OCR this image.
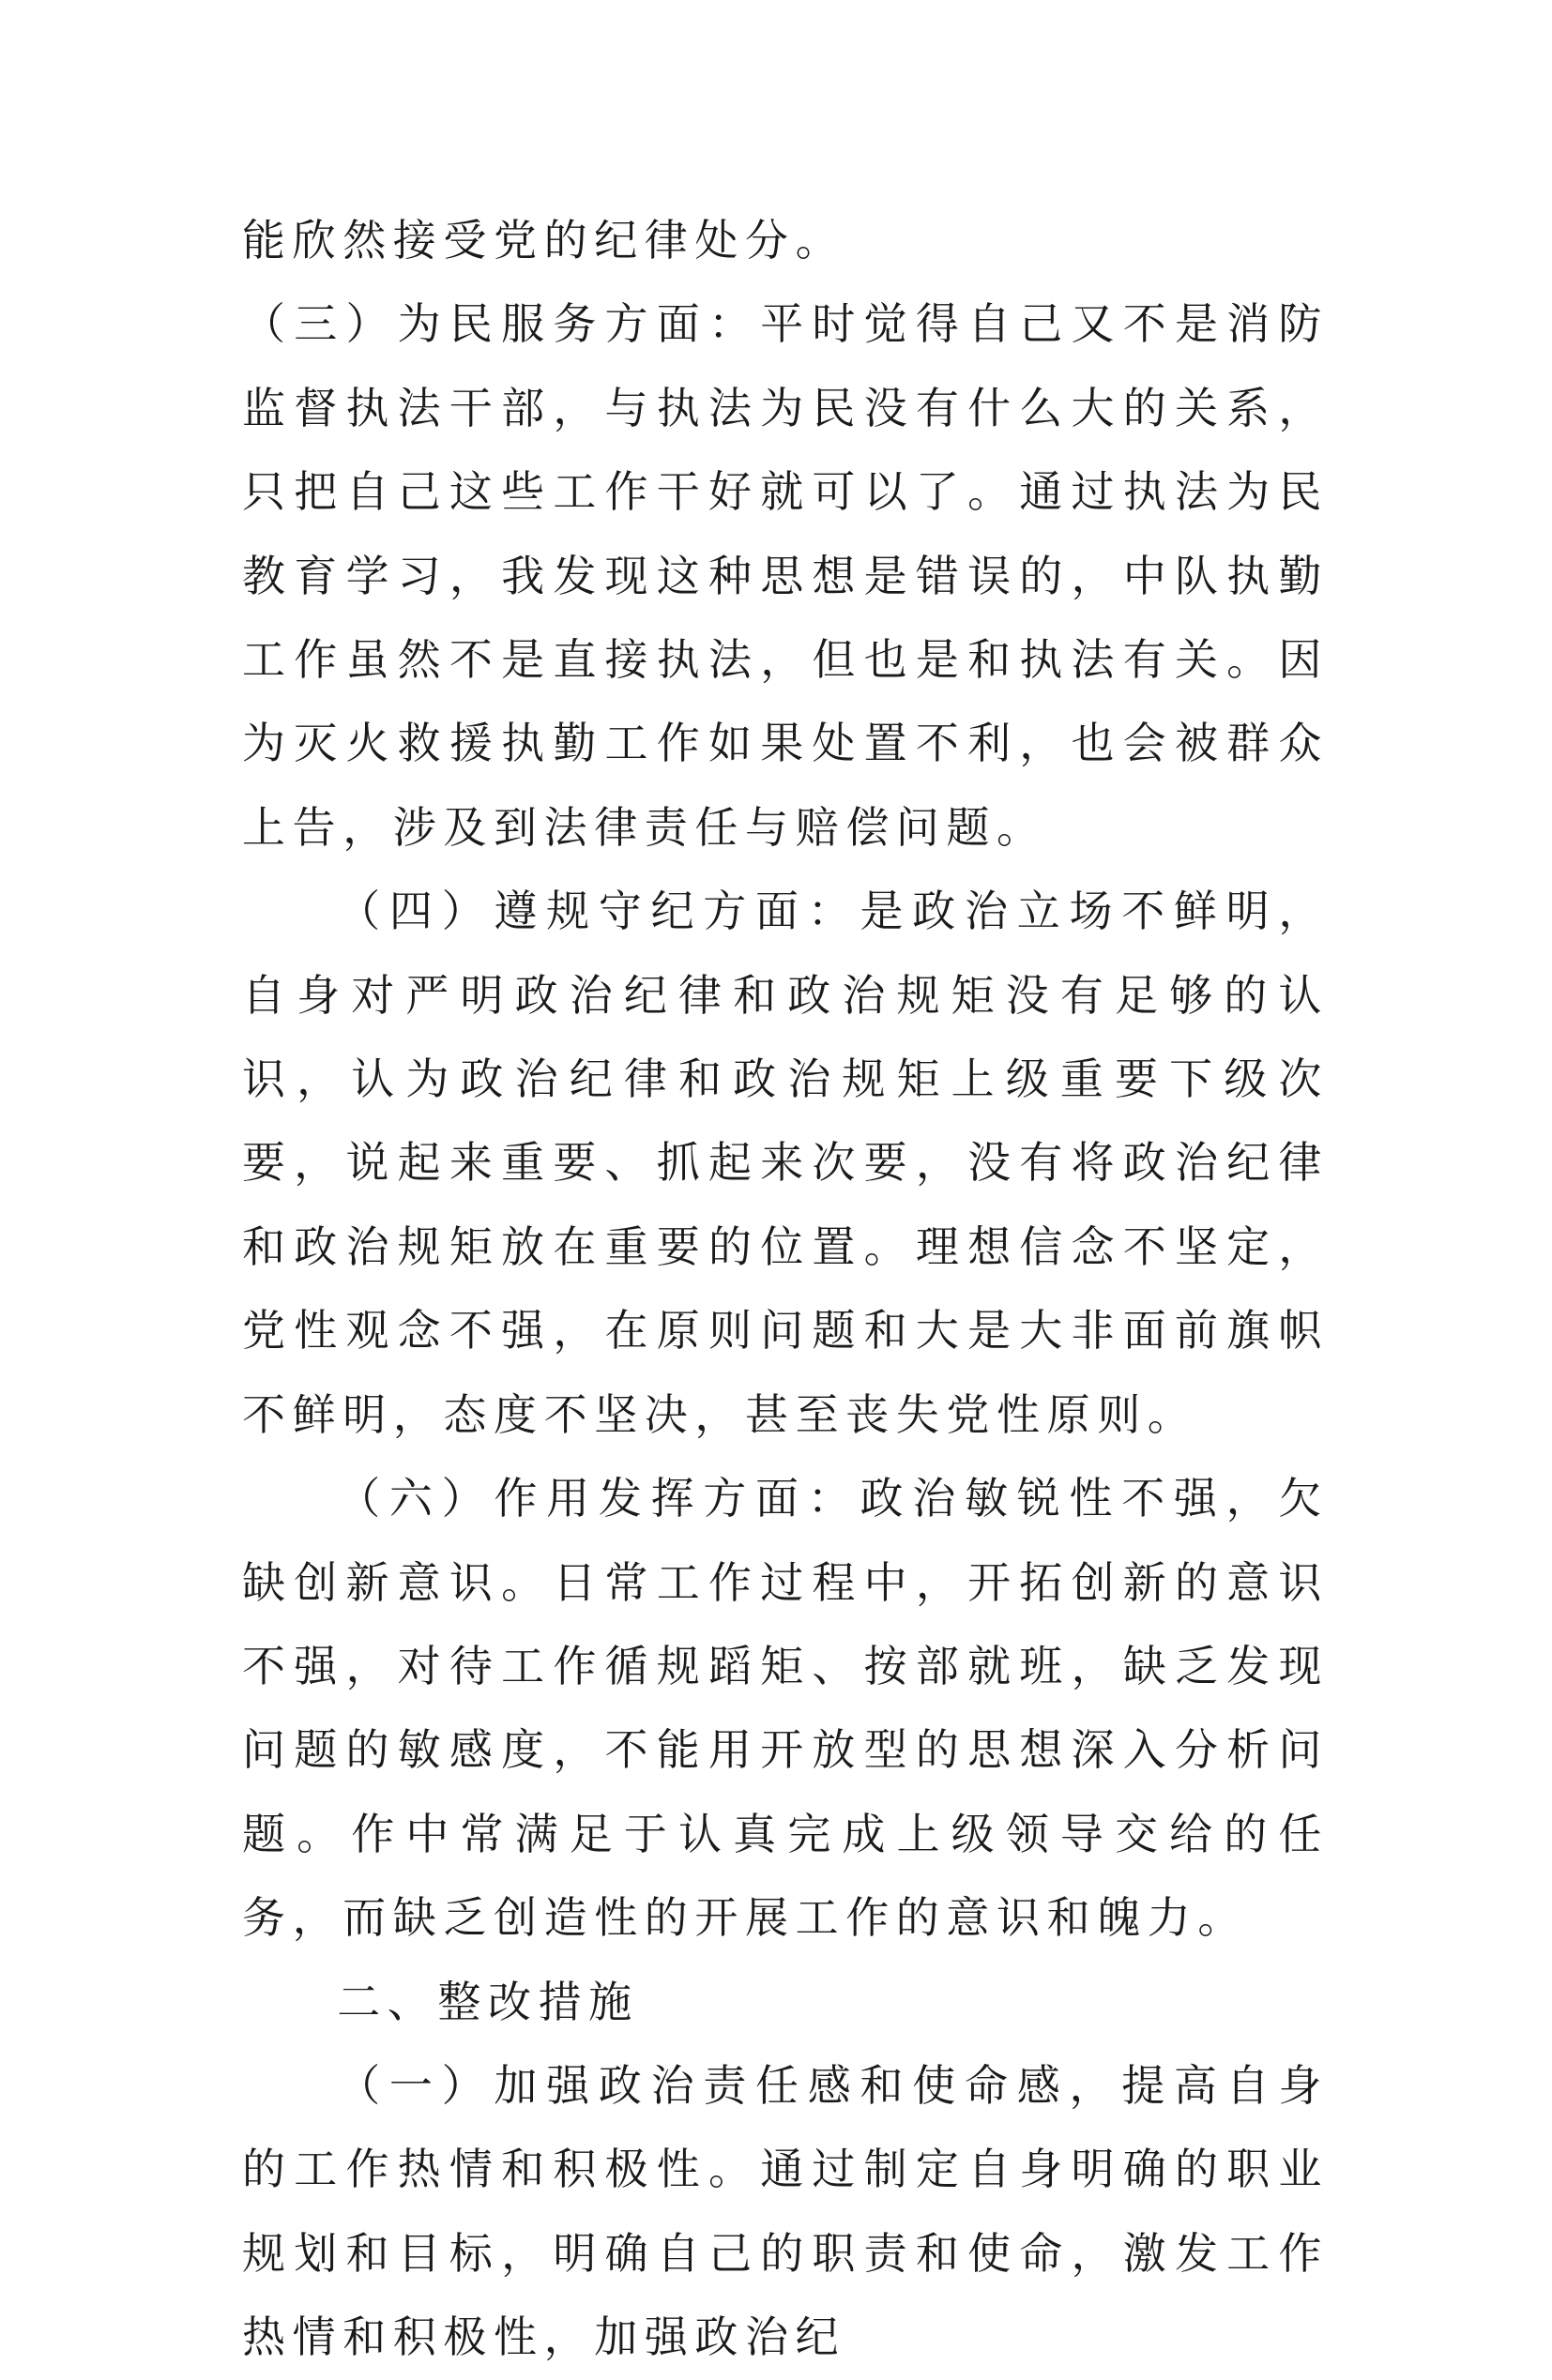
能欣然接受党的纪律处分。

（三）为民服务方面：平时觉得自己又不是消防监督执法干部，与执法为民没有什么大的关系，只把自己这些工作干好就可以了。通过执法为民教育学习，我发现这种思想是错误的，中队执勤工作虽然不是直接执法，但也是和执法有关。因为灭火救援执勤工作如果处置不利，也会被群众上告，涉及到法律责任与赔偿问题。

（四）遵规守纪方面：是政治立场不鲜明，自身对严明政治纪律和政治规矩没有足够的认识，认为政治纪律和政治规矩上级重要下级次要，说起来重要、抓起来次要，没有将政治纪律和政治规矩放在重要的位置。理想信念不坚定，党性观念不强，在原则问题和大是大非面前旗帜不鲜明，态度不坚决，甚至丧失党性原则。

（六）作用发挥方面：政治敏锐性不强，欠缺创新意识。日常工作过程中，开拓创新的意识不强，对待工作循规蹈矩、按部就班，缺乏发现问题的敏感度，不能用开放型的思想深入分析问题。作中常满足于认真完成上级领导交给的任务，而缺乏创造性的开展工作的意识和魄力。

二、整改措施

（一）加强政治责任感和使命感，提高自身的工作热情和积极性。通过制定自身明确的职业规划和目标，明确自己的职责和使命，激发工作热情和积极性，加强政治纪
